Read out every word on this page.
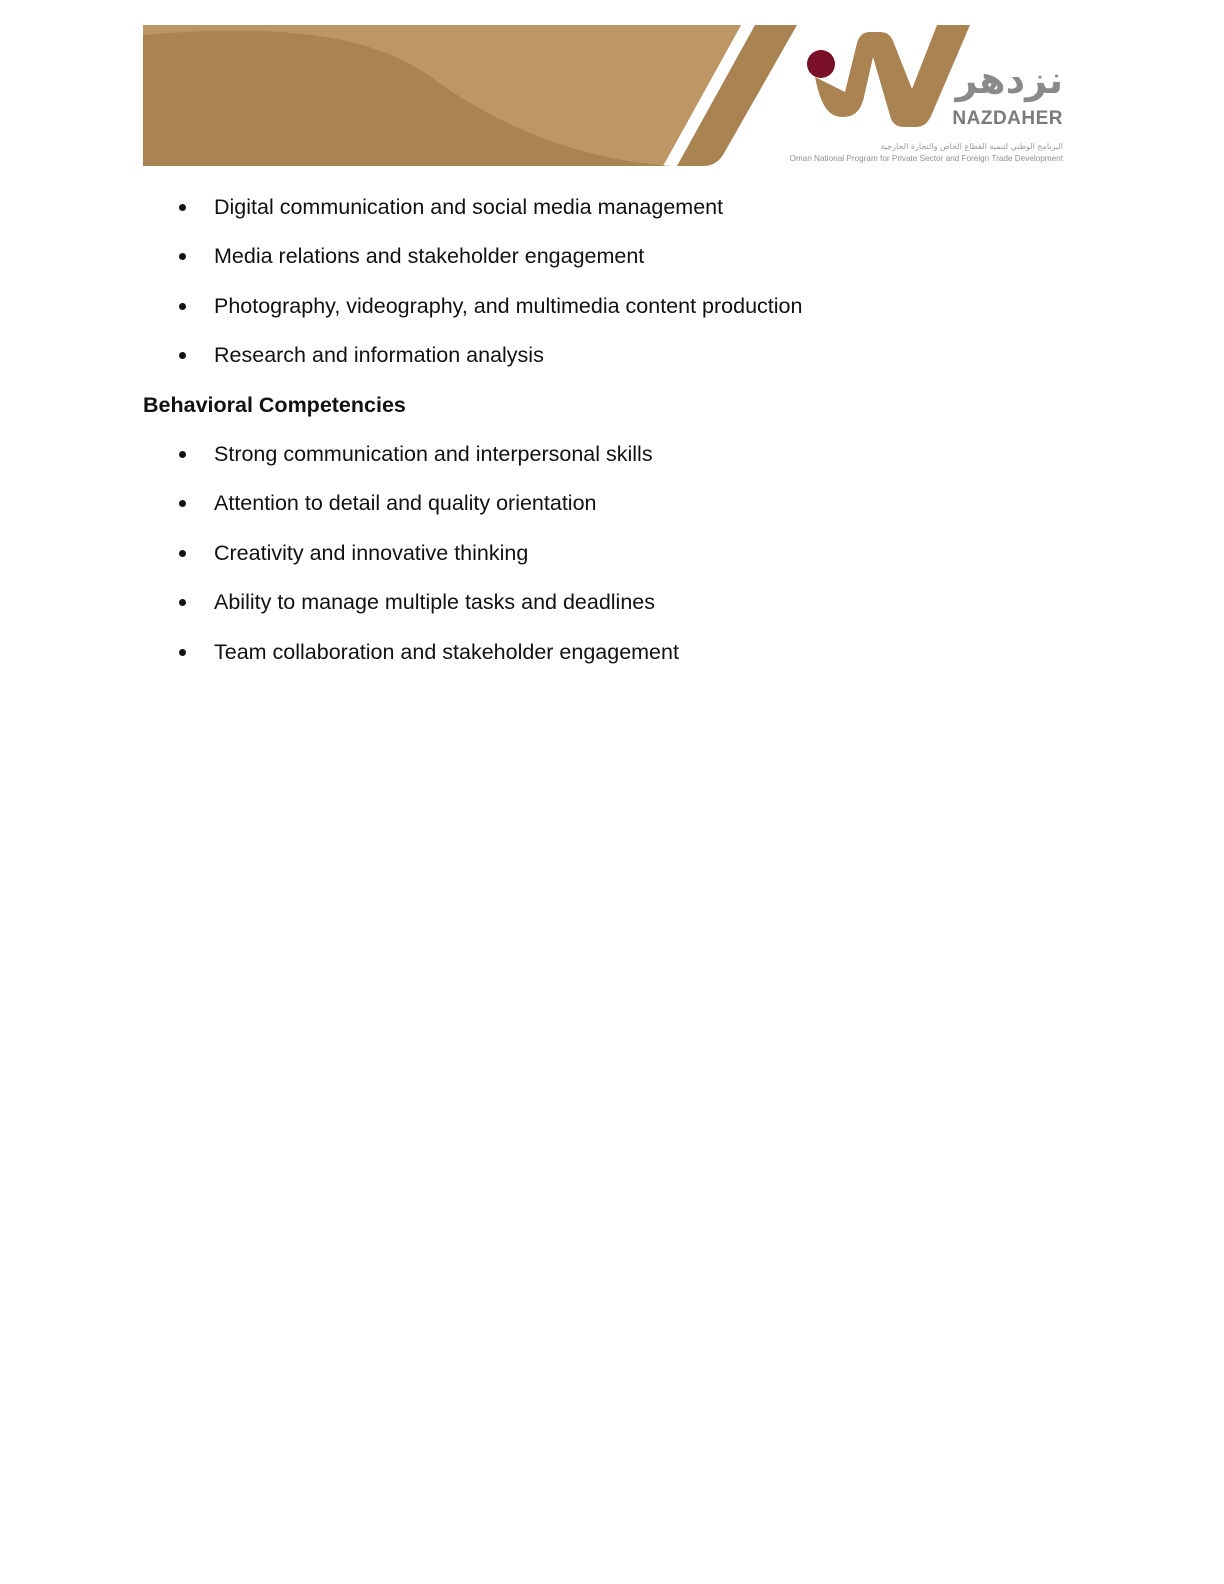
نزدهر
NAZDAHER
البرنامج الوطني لتنمية القطاع الخاص والتجارة الخارجية
Oman National Program for Private Sector and Foreign Trade Development
Digital communication and social media management
Media relations and stakeholder engagement
Photography, videography, and multimedia content production
Research and information analysis
Behavioral Competencies
Strong communication and interpersonal skills
Attention to detail and quality orientation
Creativity and innovative thinking
Ability to manage multiple tasks and deadlines
Team collaboration and stakeholder engagement
